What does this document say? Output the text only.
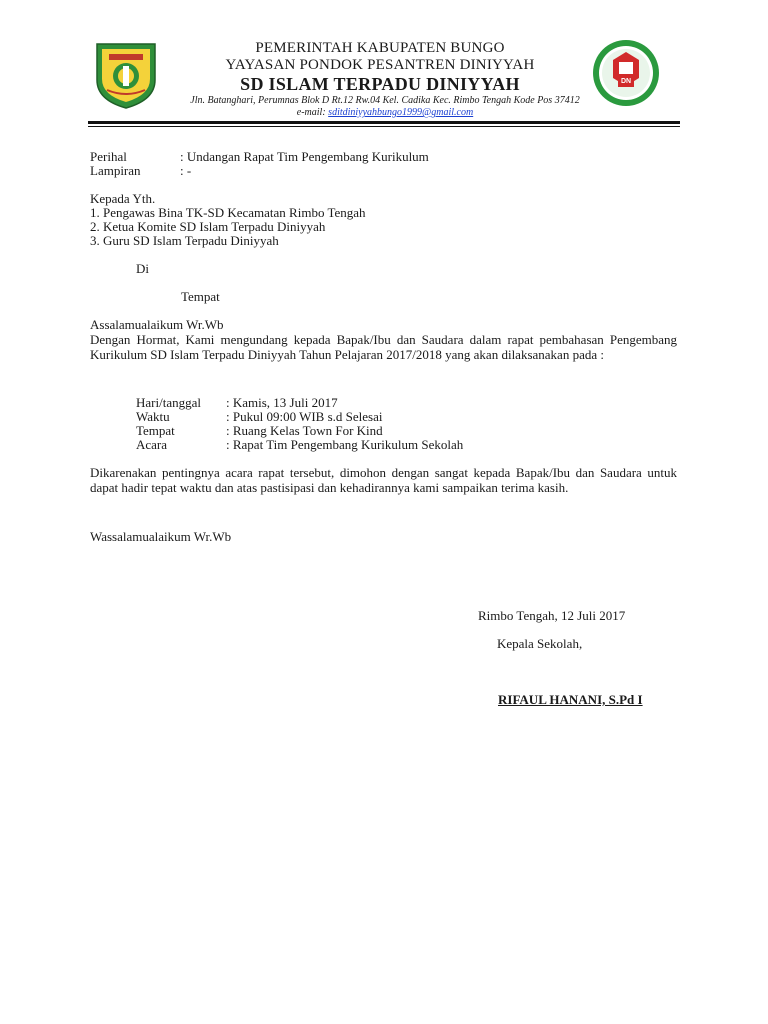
PEMERINTAH KABUPATEN BUNGO
YAYASAN PONDOK PESANTREN DINIYYAH
SD ISLAM TERPADU DINIYYAH	DN
Jln. Batanghari, Perumnas Blok D Rt.12 Rw.04 Kel. Cadika Kec. Rimbo Tengah Kode Pos 37412
e-mail: sditdiniyyahbungo1999@gmail.com
Perihal	: Undangan Rapat Tim Pengembang Kurikulum
Lampiran	: -
Kepada Yth.
1. Pengawas Bina TK-SD Kecamatan Rimbo Tengah
2. Ketua Komite SD Islam Terpadu Diniyyah
3. Guru SD Islam Terpadu Diniyyah
Di
Tempat
Assalamualaikum Wr.Wb
Dengan Hormat, Kami mengundang kepada Bapak/Ibu dan Saudara dalam rapat pembahasan Pengembang Kurikulum SD Islam Terpadu Diniyyah Tahun Pelajaran 2017/2018 yang akan dilaksanakan pada :
Hari/tanggal : Kamis, 13 Juli 2017
Waktu	: Pukul 09:00 WIB s.d Selesai
Tempat	: Ruang Kelas Town For Kind
Acara	: Rapat Tim Pengembang Kurikulum Sekolah
Dikarenakan pentingnya acara rapat tersebut, dimohon dengan sangat kepada Bapak/Ibu dan Saudara untuk dapat hadir tepat waktu dan atas pastisipasi dan kehadirannya kami sampaikan terima kasih.
Wassalamualaikum Wr.Wb
Rimbo Tengah, 12 Juli 2017
Kepala Sekolah,
RIFAUL HANANI, S.Pd I
